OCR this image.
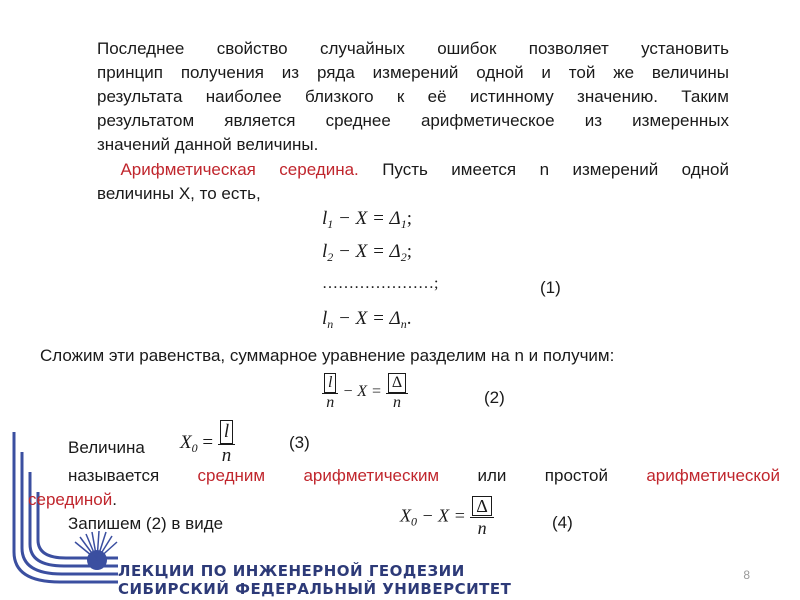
Последнее свойство случайных ошибок позволяет установить
принцип получения из ряда измерений одной и той же величины
результата наиболее близкого к её истинному значению. Таким
результатом является среднее арифметическое из измеренных
значений данной величины.
Арифметическая середина. Пусть имеется n измерений одной
величины X, то есть,
$l_1 - X = \Delta_1$;
$l_2 - X = \Delta_2$;
…………………;
$l_n - X = \Delta_n$.
(1)
Сложим эти равенства, суммарное уравнение разделим на n и получим:
$\frac{l}{n} - X = \frac{\Delta}{n}$	(2)
Величина $X_0 = \frac{l}{n}$	(3)
называется средним арифметическим или простой арифметической
серединой.
Запишем (2) в виде	$X_0 - X = \frac{\Delta}{n}$	(4)
ЛЕКЦИИ ПО ИНЖЕНЕРНОЙ ГЕОДЕЗИИ
СИБИРСКИЙ ФЕДЕРАЛЬНЫЙ УНИВЕРСИТЕТ
8
